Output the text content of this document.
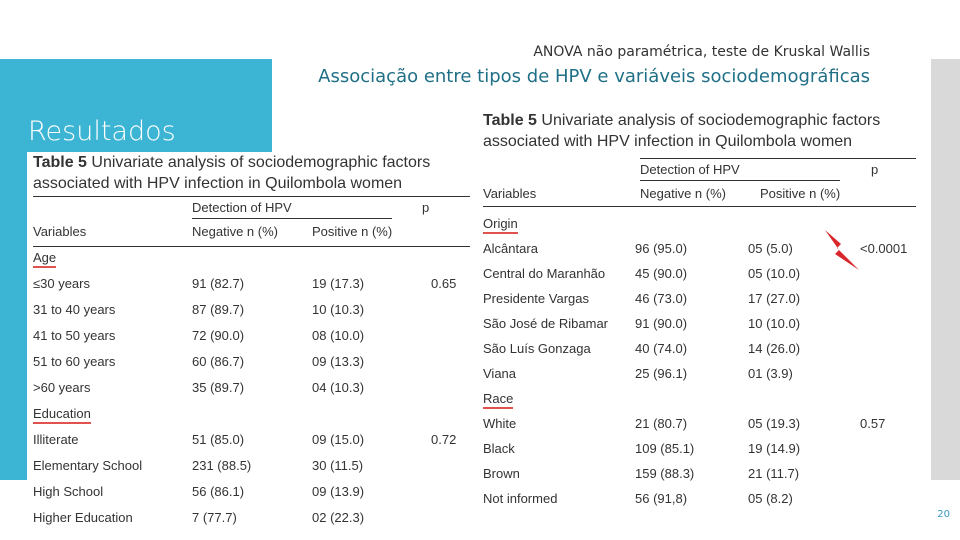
ANOVA não paramétrica, teste de Kruskal Wallis
Associação entre tipos de HPV e variáveis sociodemográficas
Resultados
Table 5 Univariate analysis of sociodemographic factors associated with HPV infection in Quilombola women
Detection of HPV	p
Variables	Negative n (%)	Positive n (%)
Age
≤30 years	91 (82.7)	19 (17.3)	0.65
31 to 40 years	87 (89.7)	10 (10.3)
41 to 50 years	72 (90.0)	08 (10.0)
51 to 60 years	60 (86.7)	09 (13.3)
>60 years	35 (89.7)	04 (10.3)
Education
Illiterate	51 (85.0)	09 (15.0)	0.72
Elementary School	231 (88.5)	30 (11.5)
High School	56 (86.1)	09 (13.9)
Higher Education	7 (77.7)	02 (22.3)
Table 5 Univariate analysis of sociodemographic factors associated with HPV infection in Quilombola women
Detection of HPV	p
Variables	Negative n (%)	Positive n (%)
Origin
Alcântara	96 (95.0)	05 (5.0)	<0.0001
Central do Maranhão 45 (90.0)	05 (10.0)
Presidente Vargas	46 (73.0)	17 (27.0)
São José de Ribamar 91 (90.0)	10 (10.0)
São Luís Gonzaga	40 (74.0)	14 (26.0)
Viana	25 (96.1)	01 (3.9)
Race
White	21 (80.7)	05 (19.3)	0.57
Black	109 (85.1)	19 (14.9)
Brown	159 (88.3)	21 (11.7)
Not informed	56 (91,8)	05 (8.2)
20
